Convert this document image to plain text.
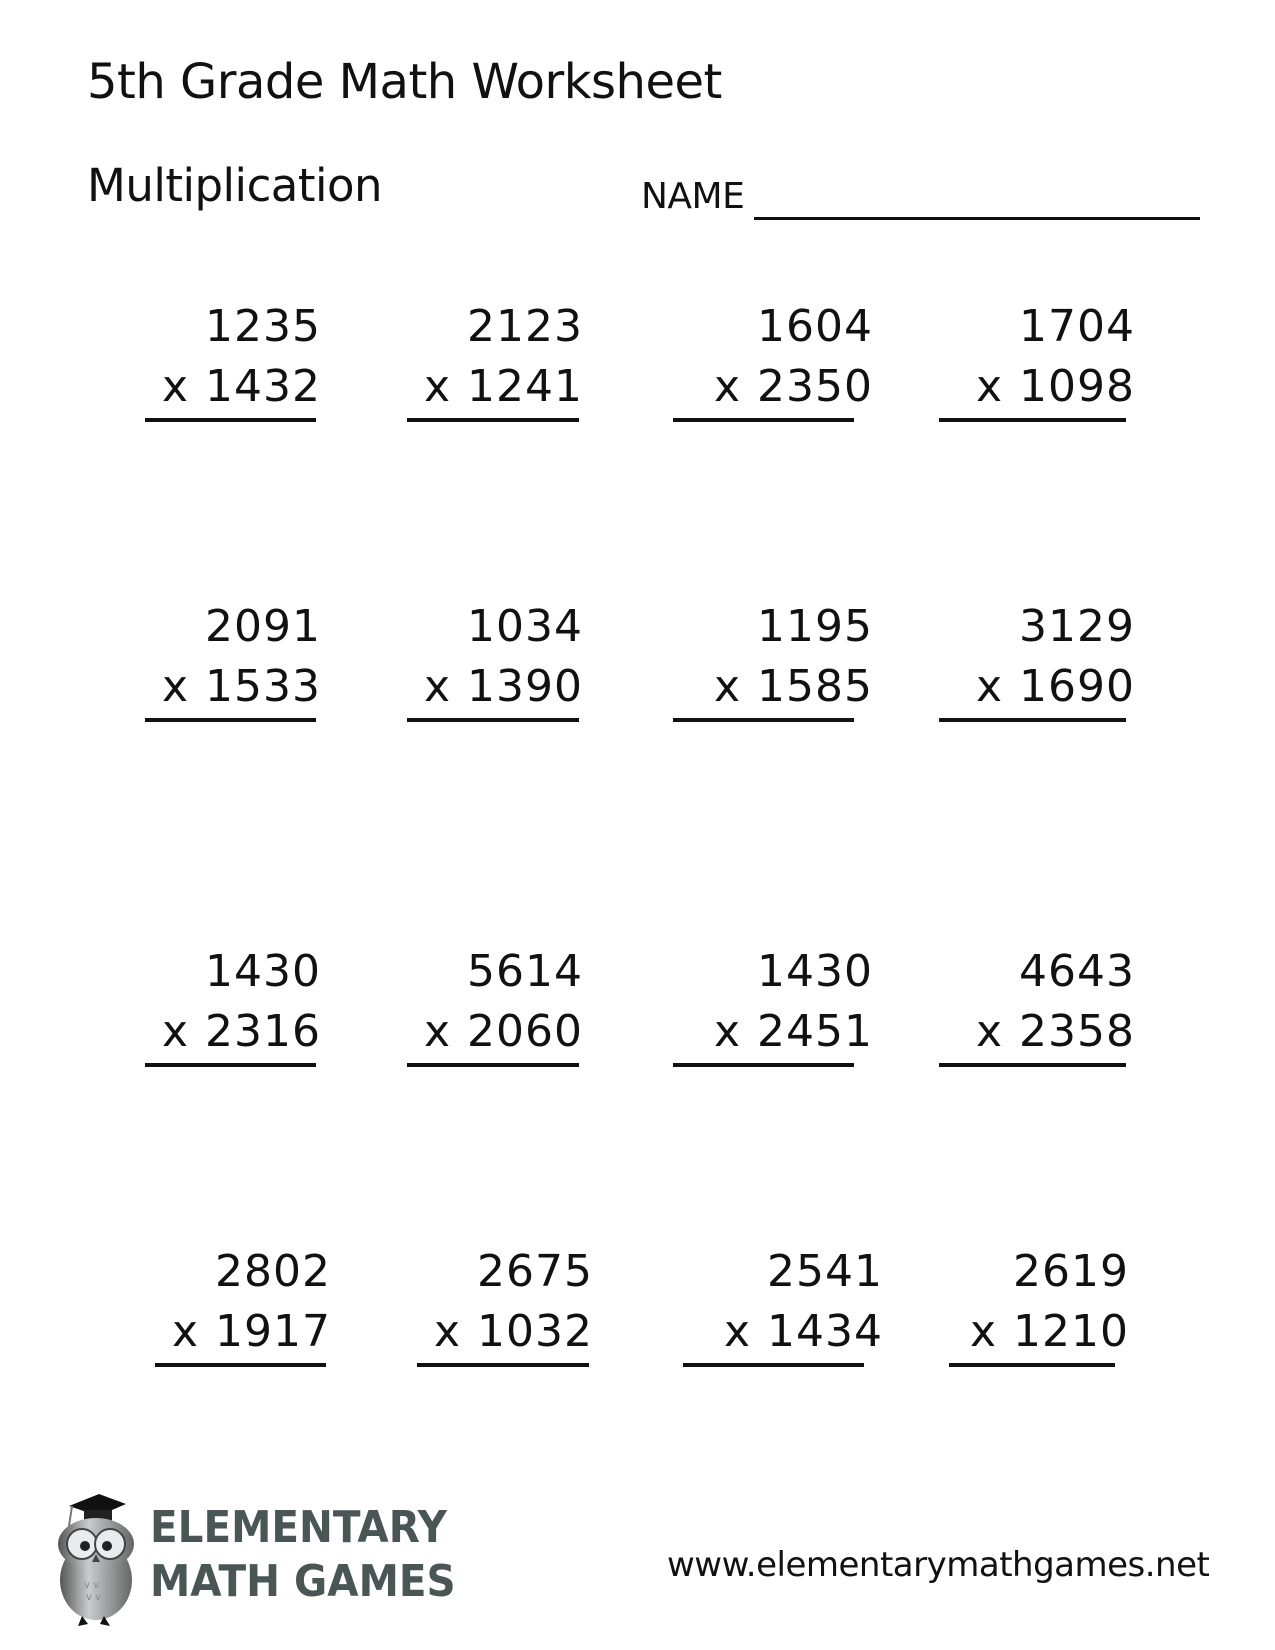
5th Grade Math Worksheet
Multiplication	NAME
1235
x 1432
2123
x 1241
1604
x 2350
1704
x 1098
2091
x 1533
1034
x 1390
1195
x 1585
3129
x 1690
1430
x 2316
5614
x 2060
1430
x 2451
4643
x 2358
2802
x 1917
2675
x 1032
2541
x 1434
2619
x 1210
v v
v v
ELEMENTARY
MATH GAMES	www.elementarymathgames.net
